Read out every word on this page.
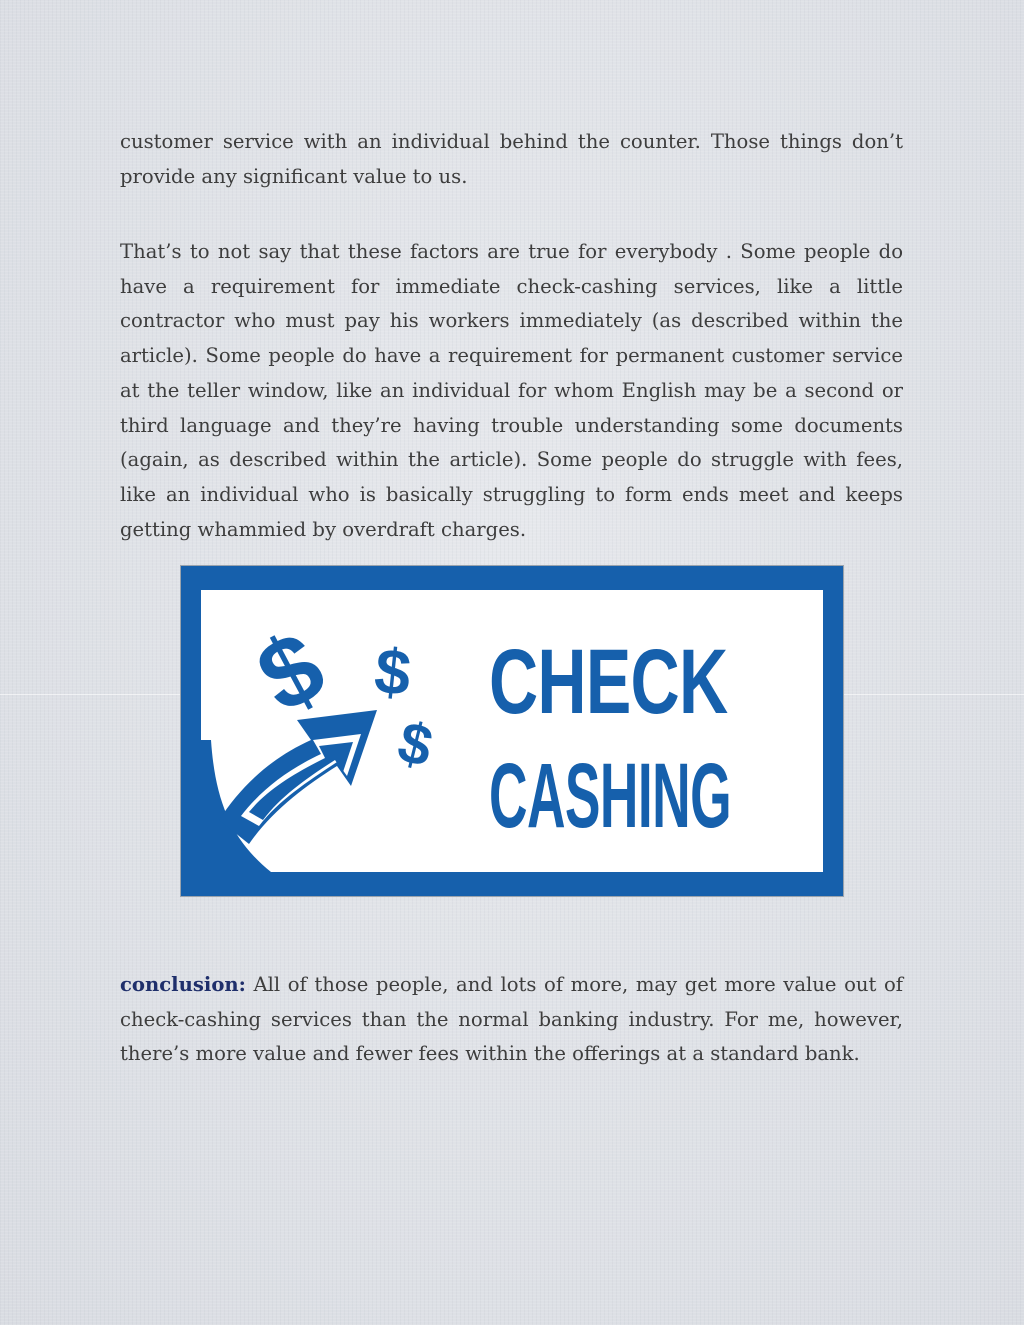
customer service with an individual behind the counter. Those things don’t provide any significant value to us.

That’s to not say that these factors are true for everybody . Some people do have a requirement for immediate check-cashing services, like a little contractor who must pay his workers immediately (as described within the article). Some people do have a requirement for permanent customer service at the teller window, like an individual for whom English may be a second or third language and they’re having trouble understanding some documents (again, as described within the article). Some people do struggle with fees, like an individual who is basically struggling to form ends meet and keeps getting whammied by overdraft charges.

$ $
$
CHECK
CASHING

conclusion: All of those people, and lots of more, may get more value out of check-cashing services than the normal banking industry. For me, however, there’s more value and fewer fees within the offerings at a standard bank.
